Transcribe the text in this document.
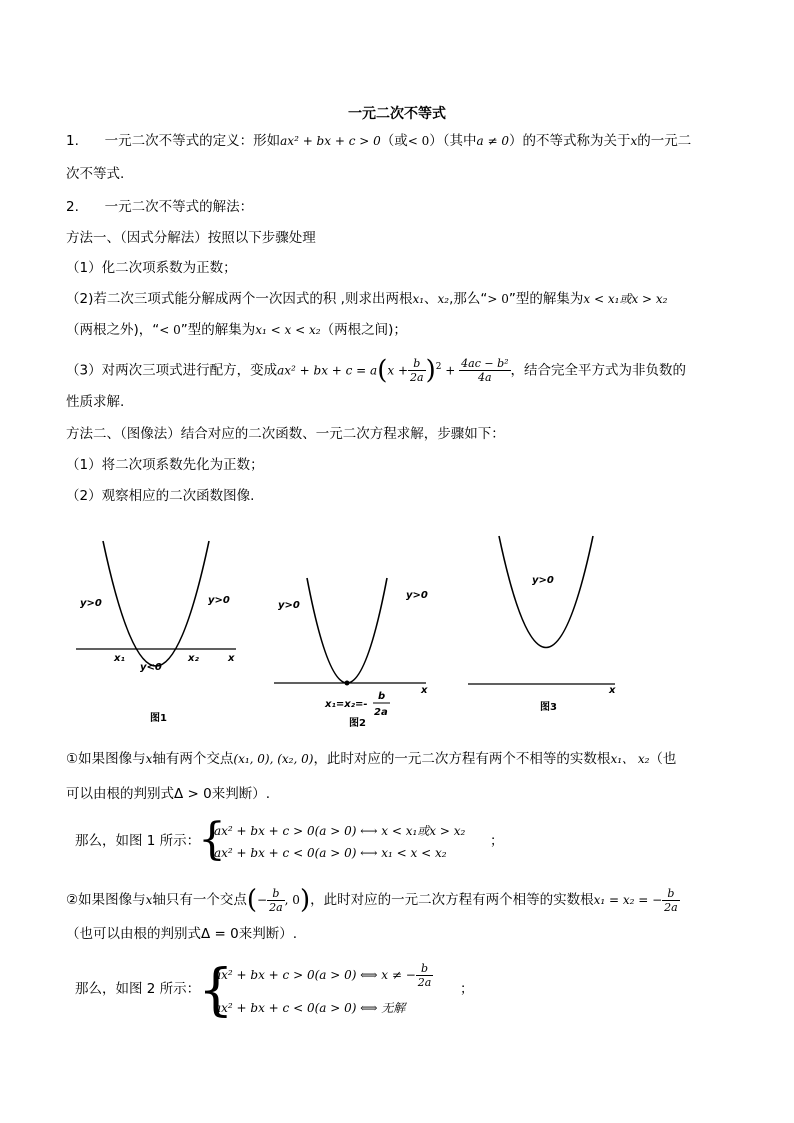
一元二次不等式
1. 一元二次不等式的定义：形如ax² + bx + c > 0（或< 0）（其中a ≠ 0）的不等式称为关于x的一元二
次不等式.
2. 一元二次不等式的解法：
方法一、（因式分解法）按照以下步骤处理
（1）化二次项系数为正数；
（2)若二次三项式能分解成两个一次因式的积 ,则求出两根x₁、x₂,那么“> 0”型的解集为x < x₁或x > x₂
（两根之外)，“< 0”型的解集为x₁ < x < x₂（两根之间)；
（3）对两次三项式进行配方，变成ax² + bx + $c = a(x + \frac{b}{2a} )^2 + \frac{\text{4ac − b²}}{4a}$ ，结合完全平方式为非负数的
性质求解.
方法二、（图像法）结合对应的二次函数、一元二次方程求解，步骤如下：
（1）将二次项系数先化为正数；
（2）观察相应的二次函数图像.
y>0	y>0
y<0
x₁	x₂	x
图1
y>0
y>0
x
x₁=x₂=-
b
2a
图2
y>0
x
图3
①如果图像与x轴有两个交点(x₁, 0), (x₂, 0)，此时对应的一元二次方程有两个不相等的实数根x₁、 x₂（也
可以由根的判别式Δ > 0来判断）.
那么，如图 1 所示：
{
ax² + bx + c > 0(a > 0) ⟷ x < x₁或x > x₂
ax² + bx + c < 0(a > 0) ⟷ x₁ < x < x₂
；
②如果图像与x轴只有一个交点(− $\frac{b}{2a}$ , 0)，此时对应的一元二次方程有两个相等的实数根x₁ = x₂ = − $\frac{b}{2a}$
（也可以由根的判别式Δ = 0来判断）.
那么，如图 2 所示：
{
ax² + bx + c > 0(a > 0) ⟺ x ≠ − $\frac{b}{2a}$
ax² + bx + c < 0(a > 0) ⟺ 无解
；
